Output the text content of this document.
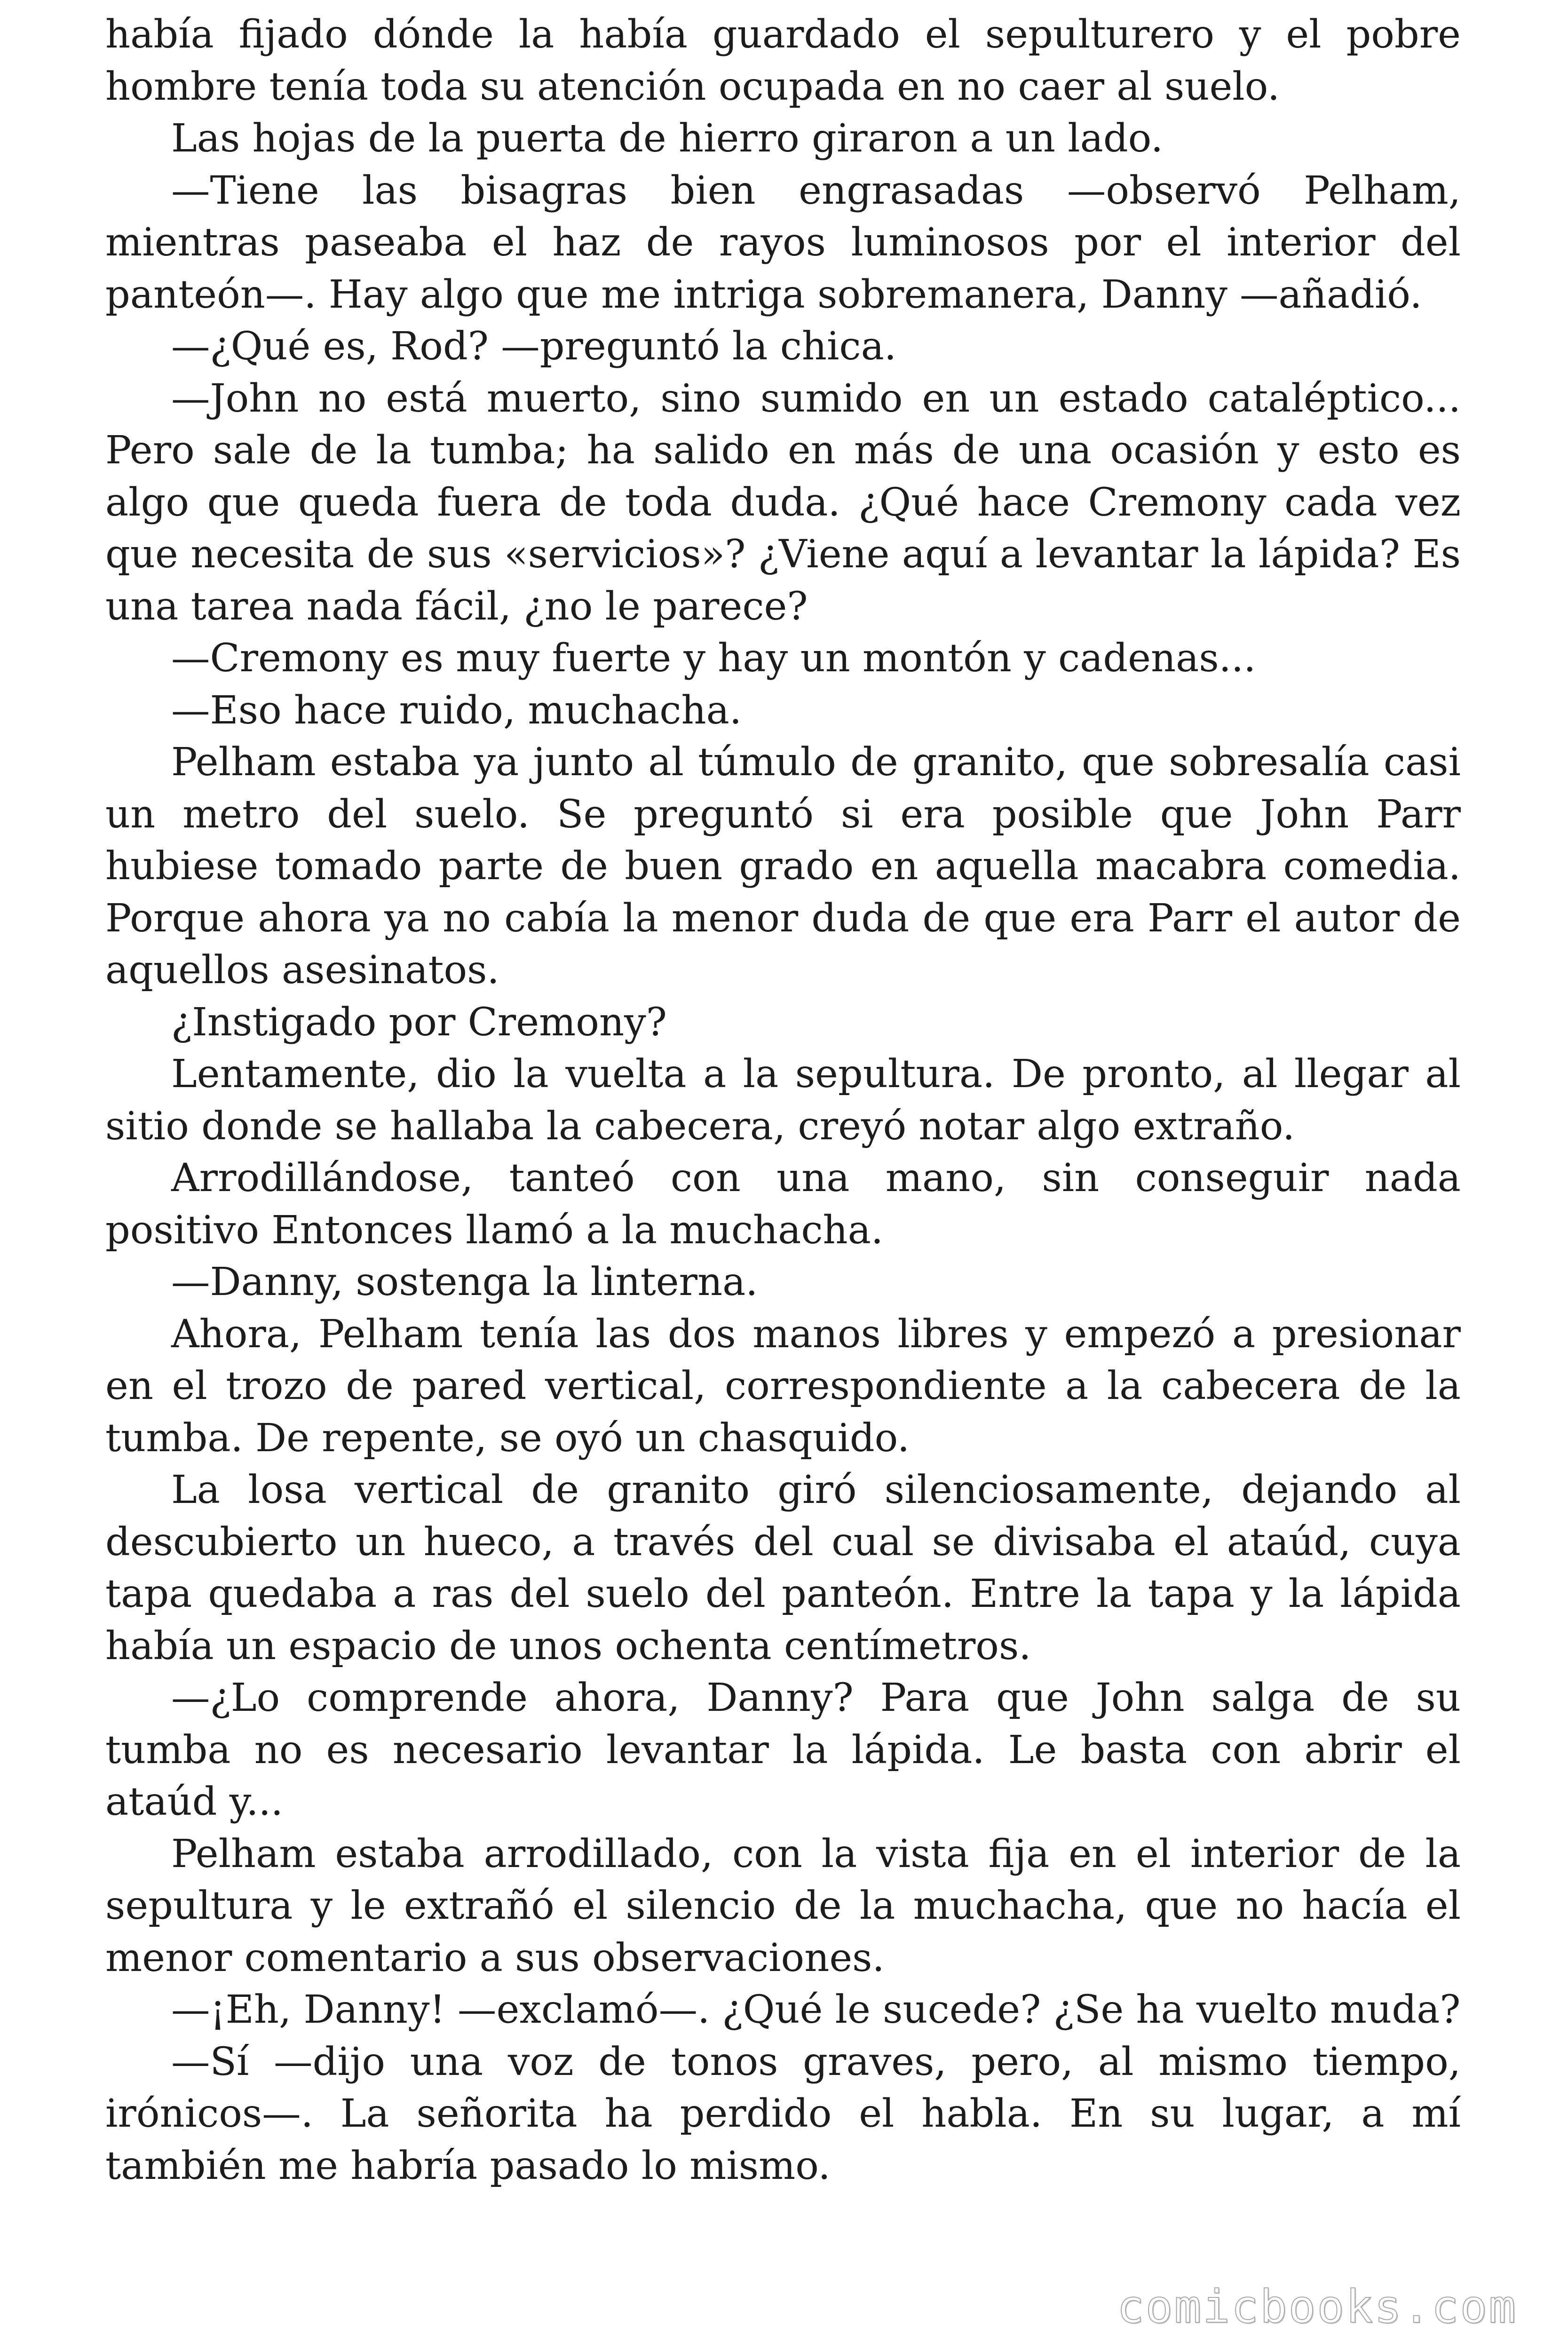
había fijado dónde la había guardado el sepulturero y el pobre hombre tenía toda su atención ocupada en no caer al suelo.

Las hojas de la puerta de hierro giraron a un lado.

—Tiene las bisagras bien engrasadas —observó Pelham, mientras paseaba el haz de rayos luminosos por el interior del panteón—. Hay algo que me intriga sobremanera, Danny —añadió.

—¿Qué es, Rod? —preguntó la chica.

—John no está muerto, sino sumido en un estado cataléptico... Pero sale de la tumba; ha salido en más de una ocasión y esto es algo que queda fuera de toda duda. ¿Qué hace Cremony cada vez que necesita de sus «servicios»? ¿Viene aquí a levantar la lápida? Es una tarea nada fácil, ¿no le parece?

—Cremony es muy fuerte y hay un montón y cadenas...

—Eso hace ruido, muchacha.

Pelham estaba ya junto al túmulo de granito, que sobresalía casi un metro del suelo. Se preguntó si era posible que John Parr hubiese tomado parte de buen grado en aquella macabra comedia. Porque ahora ya no cabía la menor duda de que era Parr el autor de aquellos asesinatos.

¿Instigado por Cremony?

Lentamente, dio la vuelta a la sepultura. De pronto, al llegar al sitio donde se hallaba la cabecera, creyó notar algo extraño.

Arrodillándose, tanteó con una mano, sin conseguir nada positivo Entonces llamó a la muchacha.

—Danny, sostenga la linterna.

Ahora, Pelham tenía las dos manos libres y empezó a presionar en el trozo de pared vertical, correspondiente a la cabecera de la tumba. De repente, se oyó un chasquido.

La losa vertical de granito giró silenciosamente, dejando al descubierto un hueco, a través del cual se divisaba el ataúd, cuya tapa quedaba a ras del suelo del panteón. Entre la tapa y la lápida había un espacio de unos ochenta centímetros.

—¿Lo comprende ahora, Danny? Para que John salga de su tumba no es necesario levantar la lápida. Le basta con abrir el ataúd y...

Pelham estaba arrodillado, con la vista fija en el interior de la sepultura y le extrañó el silencio de la muchacha, que no hacía el menor comentario a sus observaciones.

—¡Eh, Danny! —exclamó—. ¿Qué le sucede? ¿Se ha vuelto muda?

—Sí —dijo una voz de tonos graves, pero, al mismo tiempo, irónicos—. La señorita ha perdido el habla. En su lugar, a mí también me habría pasado lo mismo.

comicbooks.com
